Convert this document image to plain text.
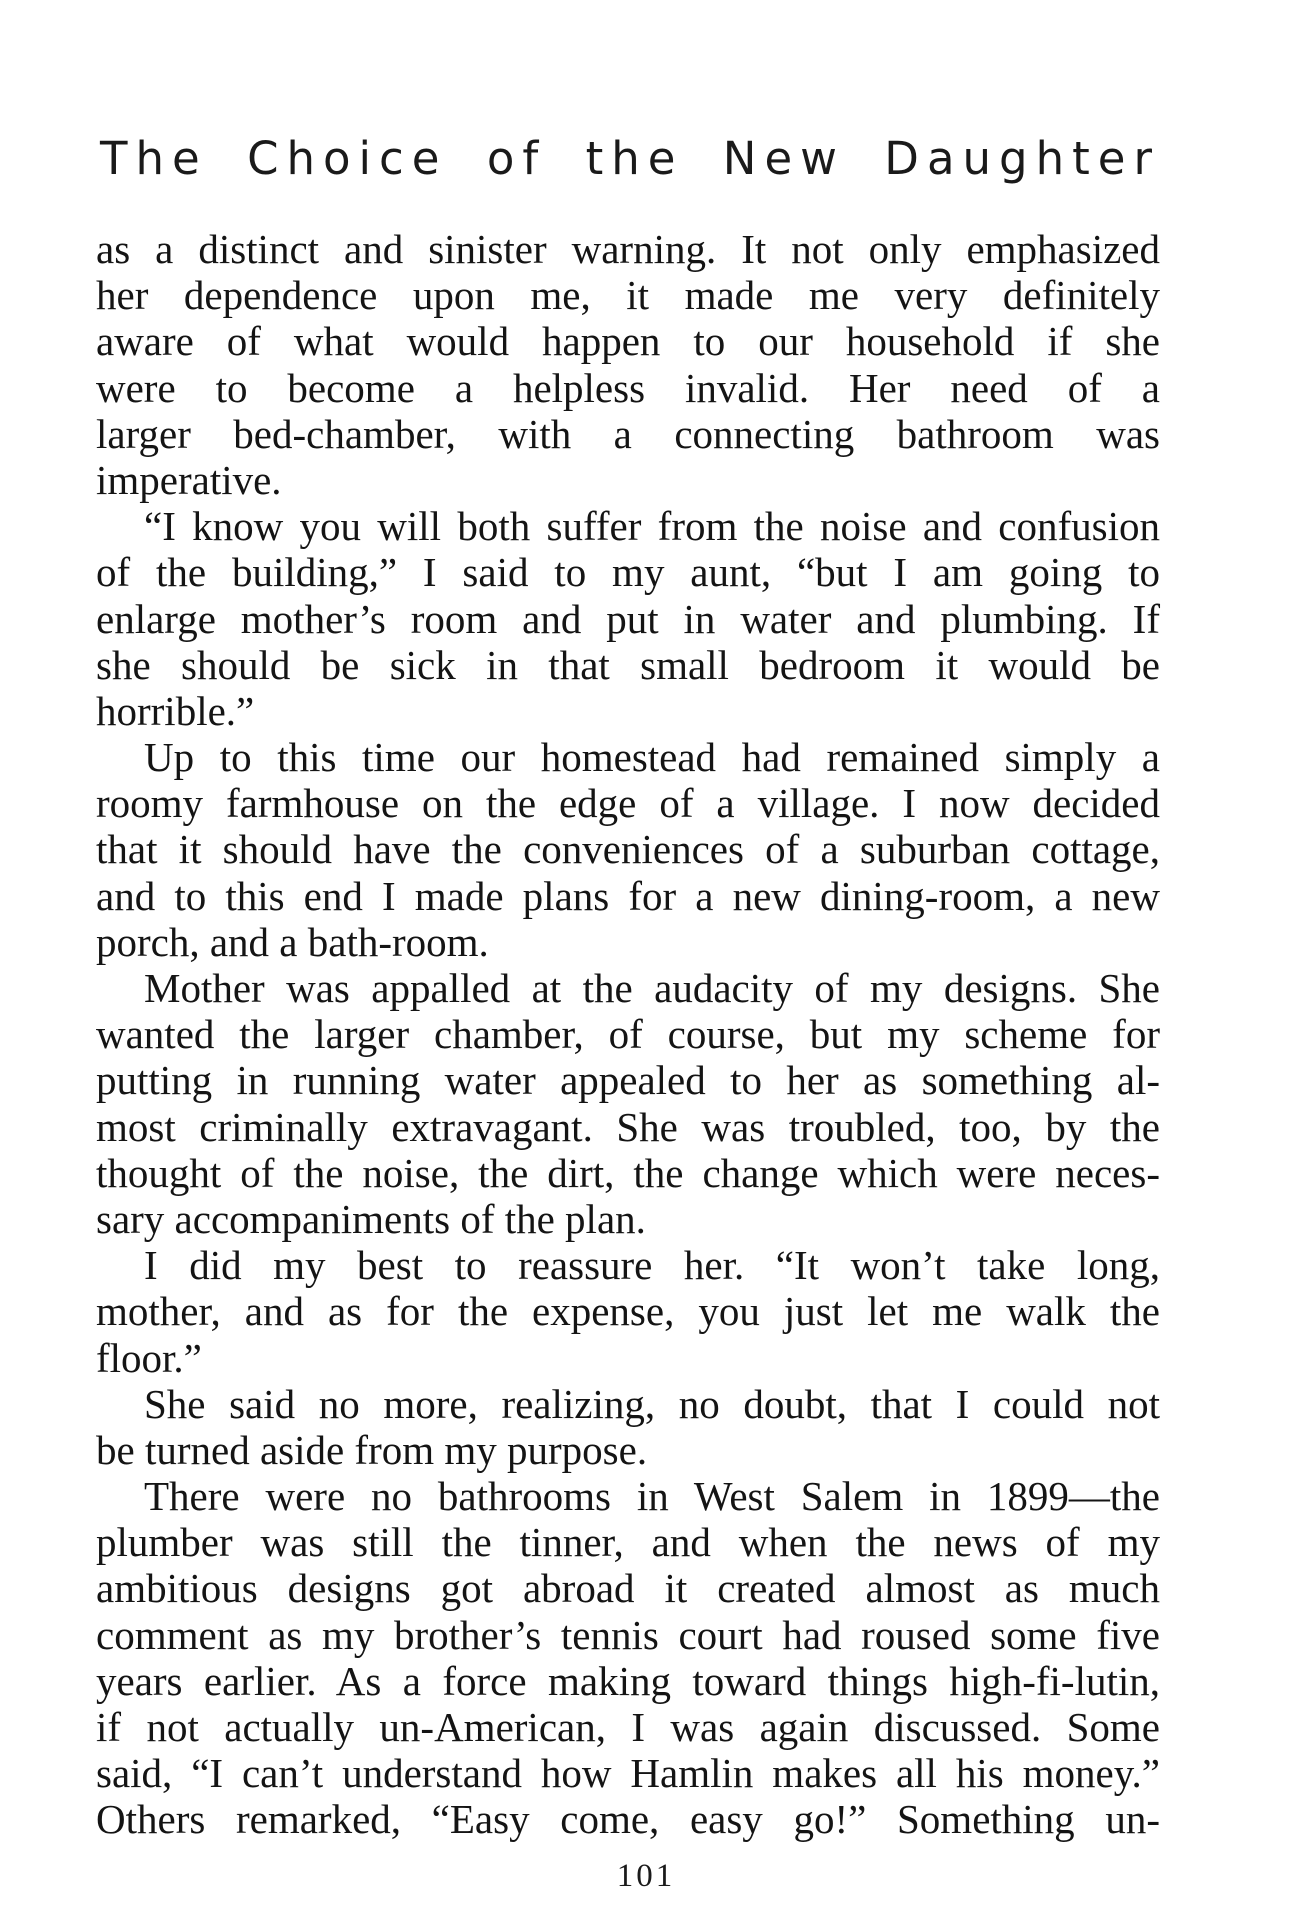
The Choice of the New Daughter
as a distinct and sinister warning. It not only emphasized
her dependence upon me, it made me very definitely
aware of what would happen to our household if she
were to become a helpless invalid. Her need of a
larger bed-chamber, with a connecting bathroom was
imperative.
“I know you will both suffer from the noise and confusion
of the building,” I said to my aunt, “but I am going to
enlarge mother’s room and put in water and plumbing. If
she should be sick in that small bedroom it would be
horrible.”
Up to this time our homestead had remained simply a
roomy farmhouse on the edge of a village. I now decided
that it should have the conveniences of a suburban cottage,
and to this end I made plans for a new dining-room, a new
porch, and a bath-room.
Mother was appalled at the audacity of my designs. She
wanted the larger chamber, of course, but my scheme for
putting in running water appealed to her as something al-
most criminally extravagant. She was troubled, too, by the
thought of the noise, the dirt, the change which were neces-
sary accompaniments of the plan.
I did my best to reassure her. “It won’t take long,
mother, and as for the expense, you just let me walk the
floor.”
She said no more, realizing, no doubt, that I could not
be turned aside from my purpose.
There were no bathrooms in West Salem in 1899—the
plumber was still the tinner, and when the news of my
ambitious designs got abroad it created almost as much
comment as my brother’s tennis court had roused some five
years earlier. As a force making toward things high-fi-lutin,
if not actually un-American, I was again discussed. Some
said, “I can’t understand how Hamlin makes all his money.”
Others remarked, “Easy come, easy go!” Something un-
101
